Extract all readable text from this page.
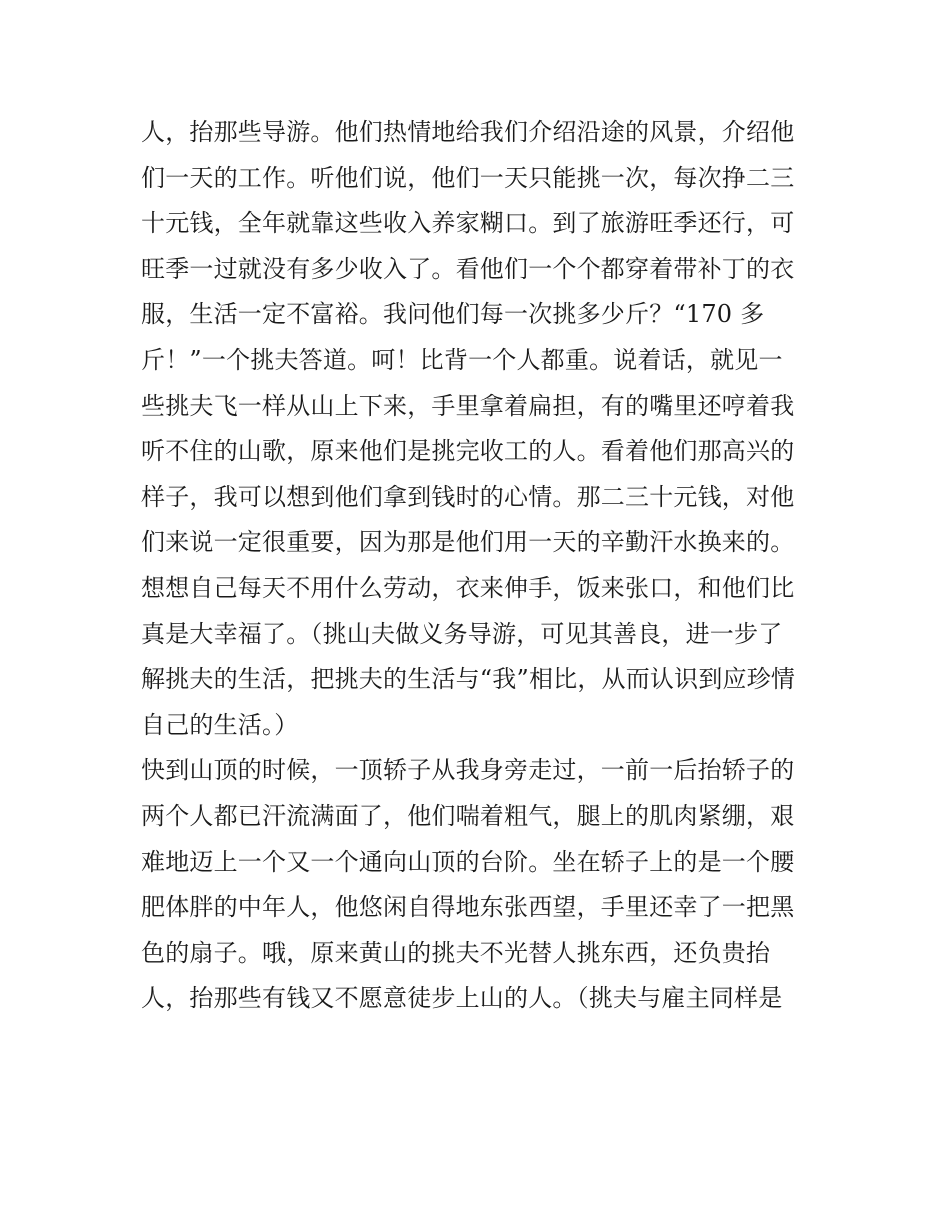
人，抬那些导游。他们热情地给我们介绍沿途的风景，介绍他
们一天的工作。听他们说，他们一天只能挑一次，每次挣二三
十元钱，全年就靠这些收入养家糊口。到了旅游旺季还行，可
旺季一过就没有多少收入了。看他们一个个都穿着带补丁的衣
服，生活一定不富裕。我问他们每一次挑多少斤？“170 多
斤！”一个挑夫答道。呵！比背一个人都重。说着话，就见一
些挑夫飞一样从山上下来，手里拿着扁担，有的嘴里还哼着我
听不住的山歌，原来他们是挑完收工的人。看着他们那高兴的
样子，我可以想到他们拿到钱时的心情。那二三十元钱，对他
们来说一定很重要，因为那是他们用一天的辛勤汗水换来的。
想想自己每天不用什么劳动，衣来伸手，饭来张口，和他们比
真是大幸福了。（挑山夫做义务导游，可见其善良，进一步了
解挑夫的生活，把挑夫的生活与“我”相比，从而认识到应珍情
自己的生活。）
快到山顶的时候，一顶轿子从我身旁走过，一前一后抬轿子的
两个人都已汗流满面了，他们喘着粗气，腿上的肌肉紧绷，艰
难地迈上一个又一个通向山顶的台阶。坐在轿子上的是一个腰
肥体胖的中年人，他悠闲自得地东张西望，手里还幸了一把黑
色的扇子。哦，原来黄山的挑夫不光替人挑东西，还负贵抬
人，抬那些有钱又不愿意徒步上山的人。（挑夫与雇主同样是
